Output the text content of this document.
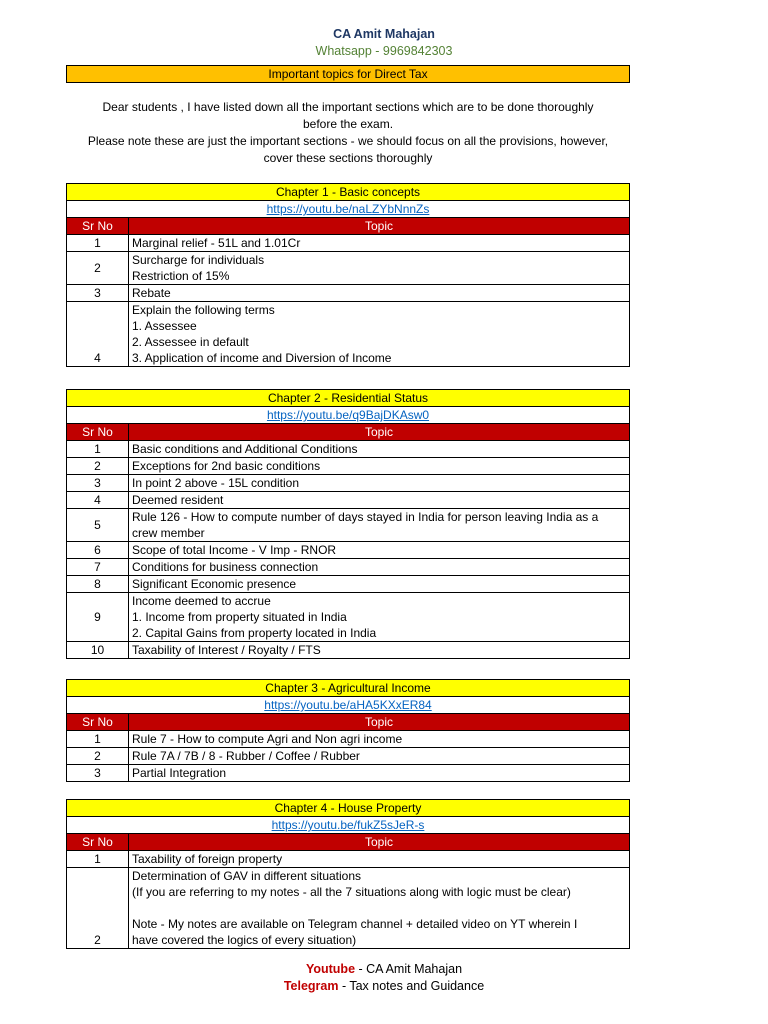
CA Amit Mahajan
Whatsapp - 9969842303
Important topics for Direct Tax
Dear students , I have listed down all the important sections which are to be done thoroughly
before the exam.
Please note these are just the important sections - we should focus on all the provisions, however,
cover these sections thoroughly
Chapter 1 - Basic concepts	
https://youtu.be/naLZYbNnnZs	
Sr No	Topic
1	Marginal relief - 51L and 1.01Cr
2	Surcharge for individuals
Restriction of 15%
3	Rebate
4	Explain the following terms
1. Assessee
2. Assessee in default
3. Application of income and Diversion of Income
Chapter 2 - Residential Status	
https://youtu.be/q9BajDKAsw0	
Sr No	Topic
1	Basic conditions and Additional Conditions
2	Exceptions for 2nd basic conditions
3	In point 2 above - 15L condition
4	Deemed resident
5	Rule 126 - How to compute number of days stayed in India for person leaving India as a
crew member
6	Scope of total Income - V Imp - RNOR
7	Conditions for business connection
8	Significant Economic presence
9	Income deemed to accrue
1. Income from property situated in India
2. Capital Gains from property located in India
10	Taxability of Interest / Royalty / FTS
Chapter 3 - Agricultural Income	
https://youtu.be/aHA5KXxER84	
Sr No	Topic
1	Rule 7 - How to compute Agri and Non agri income
2	Rule 7A / 7B / 8 - Rubber / Coffee / Rubber
3	Partial Integration
Chapter 4 - House Property	
https://youtu.be/fukZ5sJeR-s	
Sr No	Topic
1	Taxability of foreign property
2	Determination of GAV in different situations
(If you are referring to my notes - all the 7 situations along with logic must be clear)

Note - My notes are available on Telegram channel + detailed video on YT wherein I
have covered the logics of every situation)
Youtube - CA Amit Mahajan
Telegram - Tax notes and Guidance
